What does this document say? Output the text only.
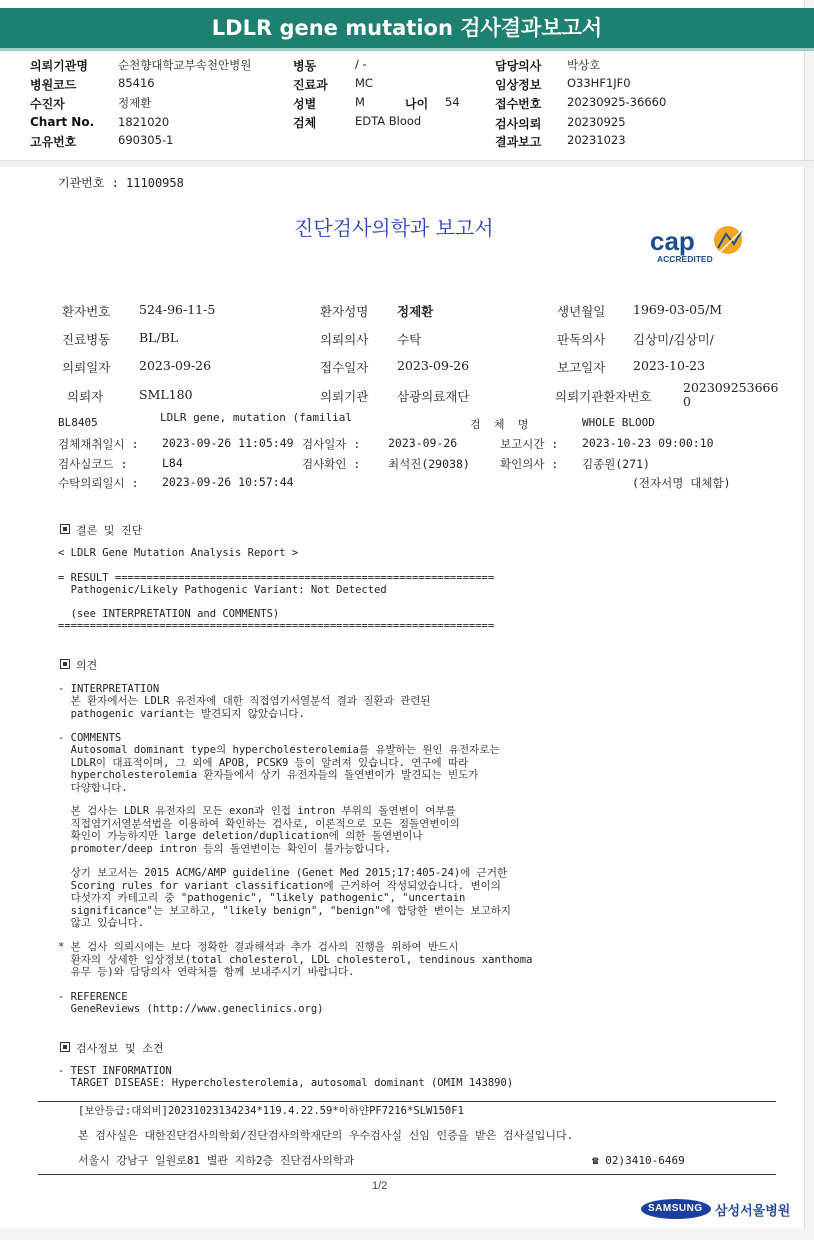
LDLR gene mutation 검사결과보고서
의뢰기관명	순천향대학교부속천안병원	병동	/ -	담당의사 박상호
병원코드	85416	진료과 MC	임상정보 O33HF1JF0
수진자	정제환	성별	M	나이 54	접수번호 20230925-36660
Chart No. 1821020	검체	EDTA Blood	검사의뢰 20230925
고유번호	690305-1	결과보고 20231023
기관번호 : 11100958
진단검사의학과 보고서	cap
ACCREDITED
환자번호 524-96-11-5	환자성명 정제환	생년월일 1969-03-05/M
진료병동 BL/BL	의뢰의사 수탁	판독의사 김상미/김상미/
의뢰일자 2023-09-26	접수일자 2023-09-26	보고일자 2023-10-23
의뢰자	SML180	의뢰기관 삼광의료재단	의뢰기관환자번호
202309253666
0
BL8405	LDLR gene, mutation (familial
검  체  명	WHOLE BLOOD
검체채취일시 : 2023-09-26 11:05:49 검사일자 : 2023-09-26	보고시간 : 2023-10-23 09:00:10
검사실코드 :	L84	검사확인 : 최석진(29038)	확인의사 : 김종원(271)
수탁의뢰일시 : 2023-09-26 10:57:44	(전자서명 대체함)
결론 및 진단
< LDLR Gene Mutation Analysis Report >
= RESULT ============================================================
Pathogenic/Likely Pathogenic Variant: Not Detected
(see INTERPRETATION and COMMENTS)
=====================================================================
의견
- INTERPRETATION
본 환자에서는 LDLR 유전자에 대한 직접염기서열분석 결과 질환과 관련된
pathogenic variant는 발견되지 않았습니다.
- COMMENTS
Autosomal dominant type의 hypercholesterolemia를 유발하는 원인 유전자로는
LDLR이 대표적이며, 그 외에 APOB, PCSK9 등이 알려져 있습니다. 연구에 따라
hypercholesterolemia 환자들에서 상기 유전자들의 돌연변이가 발견되는 빈도가
다양합니다.
본 검사는 LDLR 유전자의 모든 exon과 인접 intron 부위의 돌연변이 여부를
직접염기서열분석법을 이용하여 확인하는 검사로, 이론적으로 모든 점돌연변이의
확인이 가능하지만 large deletion/duplication에 의한 돌연변이나
promoter/deep intron 등의 돌연변이는 확인이 불가능합니다.
상기 보고서는 2015 ACMG/AMP guideline (Genet Med 2015;17:405-24)에 근거한
Scoring rules for variant classification에 근거하여 작성되었습니다. 변이의
다섯가지 카테고리 중 "pathogenic", "likely pathogenic", "uncertain
significance"는 보고하고, "likely benign", "benign"에 합당한 변이는 보고하지
않고 있습니다.
* 본 검사 의뢰시에는 보다 정확한 결과해석과 추가 검사의 진행을 위하여 반드시
환자의 상세한 임상정보(total cholesterol, LDL cholesterol, tendinous xanthoma
유무 등)와 담당의사 연락처를 함께 보내주시기 바랍니다.
- REFERENCE
GeneReviews (http://www.geneclinics.org)
검사정보 및 소견
- TEST INFORMATION
TARGET DISEASE: Hypercholesterolemia, autosomal dominant (OMIM 143890)
[보안등급:대외비]20231023134234*119.4.22.59*이하얀PF7216*SLW150F1
본 검사실은 대한진단검사의학회/진단검사의학재단의 우수검사실 신임 인증을 받은 검사실입니다.
서울시 강남구 일원로81 별관 지하2층 진단검사의학과	☎ 02)3410-6469
1/2
SAMSUNG 삼성서울병원
